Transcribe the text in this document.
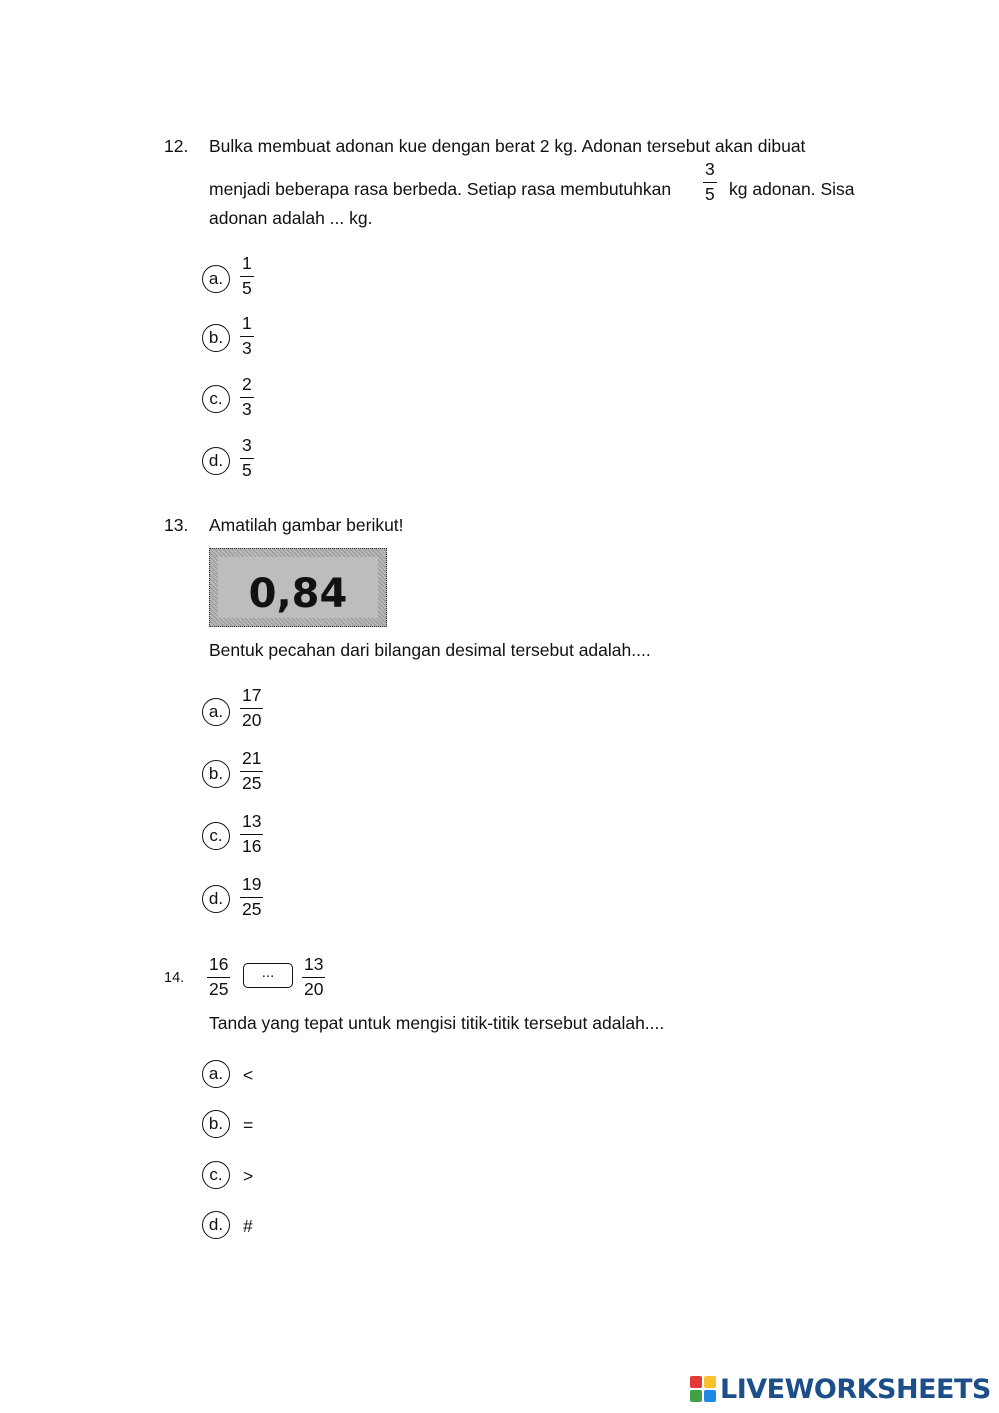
12. Bulka membuat adonan kue dengan berat 2 kg. Adonan tersebut akan dibuat
menjadi beberapa rasa berbeda. Setiap rasa membutuhkan $\frac{3}{5}$ kg adonan. Sisa
adonan adalah ... kg.
a. $\frac{1}{5}$
b. $\frac{1}{3}$
c. $\frac{2}{3}$
d. $\frac{3}{5}$
13. Amatilah gambar berikut!
0,84
Bentuk pecahan dari bilangan desimal tersebut adalah....
a. $\frac{17}{20}$
b. $\frac{21}{25}$
c. $\frac{13}{16}$
d. $\frac{19}{25}$
14. $\frac{16}{25}$	...	$\frac{13}{20}$
Tanda yang tepat untuk mengisi titik-titik tersebut adalah....
a.	<
b.	=
c.	>
d.	#
LIVEWORKSHEETS
